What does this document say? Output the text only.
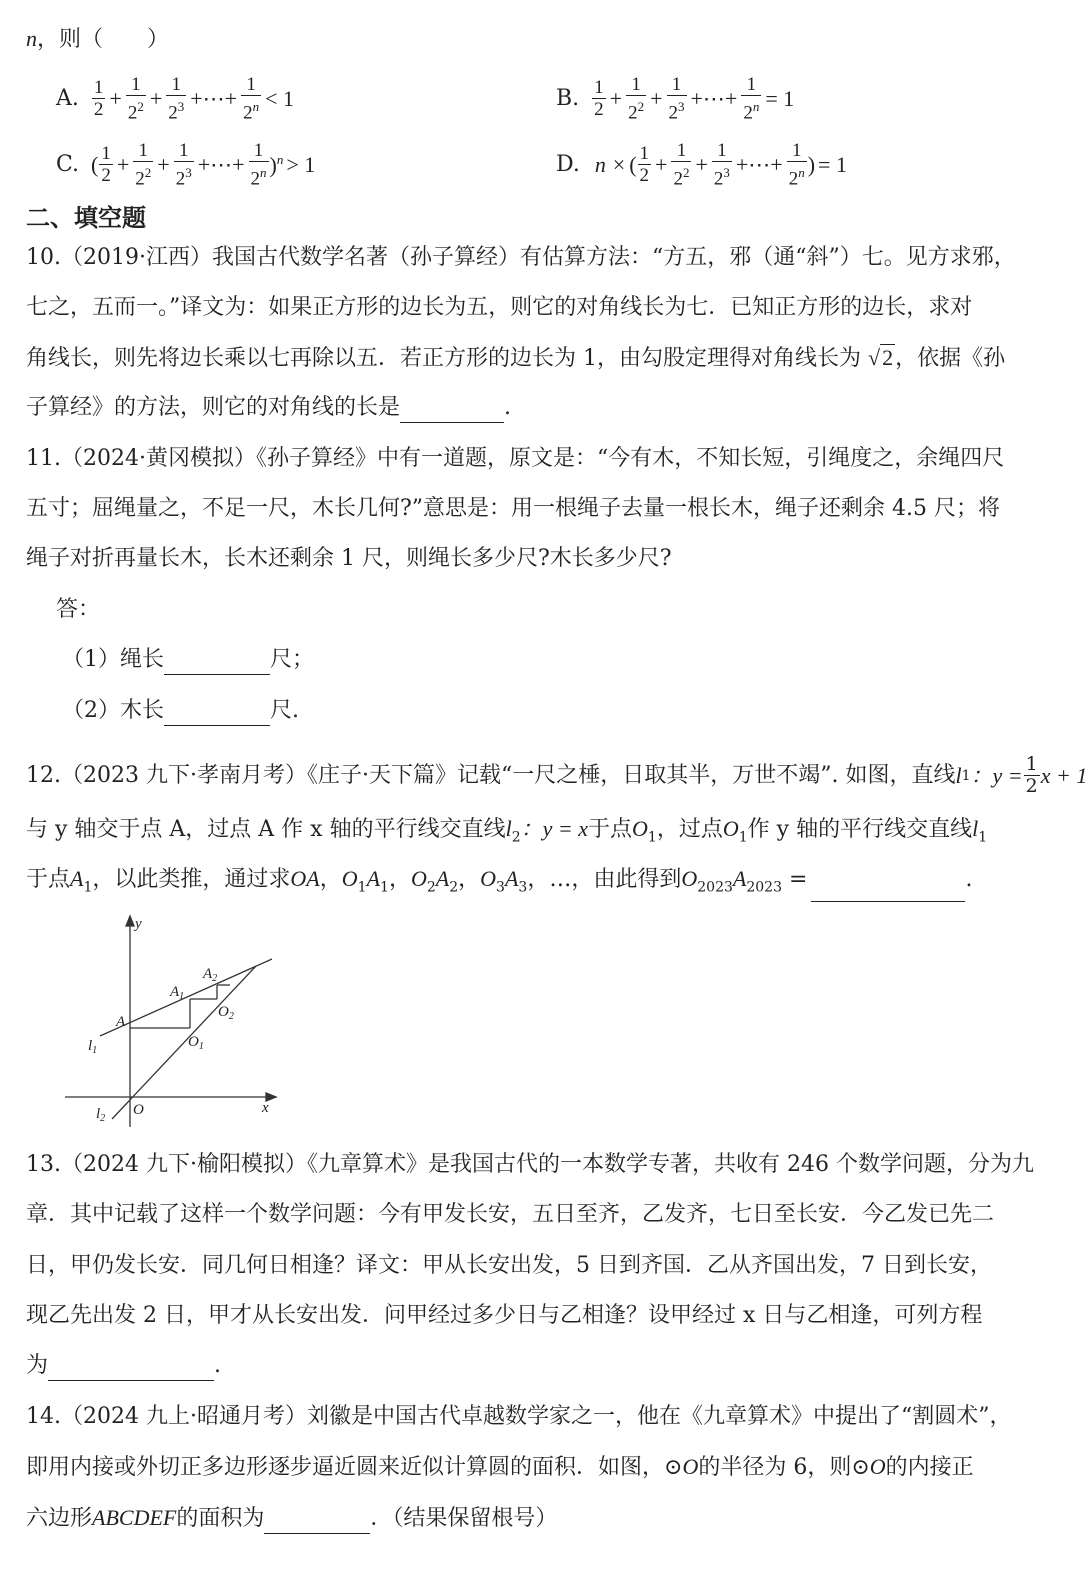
n，则（　　）
A. $\frac{1}{2} + \frac{1}{2^2} + \frac{1}{2^3}$ +⋯+ $\frac{1}{2^n} < 1$	B. $\frac{1}{2} + \frac{1}{2^2} + \frac{1}{2^3}$ +⋯+ $\frac{1}{2^n} = 1$
C. ( $\frac{1}{2} + \frac{1}{2^2} + \frac{1}{2^3}$ +⋯+ $\frac{1}{2^n} )^n > 1$	D. n × ( $\frac{1}{2} + \frac{1}{2^2} + \frac{1}{2^3}$ +⋯+ $\frac{1}{2^n}$ ) = 1
二、填空题
10.（2019·江西）我国古代数学名著（孙子算经）有估算方法：“方五，邪（通“斜”）七。见方求邪，
七之，五而一。”译文为：如果正方形的边长为五，则它的对角线长为七．已知正方形的边长，求对
角线长，则先将边长乘以七再除以五．若正方形的边长为 1，由勾股定理得对角线长为 √2，依据《孙
子算经》的方法，则它的对角线的长是	.
11.（2024·黄冈模拟）《孙子算经》中有一道题，原文是：“今有木，不知长短，引绳度之，余绳四尺
五寸；屈绳量之，不足一尺，木长几何?”意思是：用一根绳子去量一根长木，绳子还剩余 4.5 尺；将
绳子对折再量长木，长木还剩余 1 尺，则绳长多少尺?木长多少尺?
答：
（1）绳长	尺；
（2）木长	尺.
12.（2023 九下·孝南月考）《庄子·天下篇》记载“一尺之棰，日取其半，万世不竭”. 如图，直线 l 1 ：$y = \frac{1}{2}$ x + 1
与 y 轴交于点 A，过点 A 作 x 轴的平行线交直线$l_2$：y = x于点$O_1$，过点$O_1$作 y 轴的平行线交直线$l_1$
于点$A_1$，以此类推，通过求OA，$O_1A_1$，$O_2A_2$，$O_3A_3$，…，由此得到$O_{2023}A_{2023}$ =	.
y
x
O
A
$A_1$
$A_2$
$O_1$
$O_2$
$l_1$
$l_2$
13.（2024 九下·榆阳模拟）《九章算术》是我国古代的一本数学专著，共收有 246 个数学问题，分为九
章．其中记载了这样一个数学问题：今有甲发长安，五日至齐，乙发齐，七日至长安．今乙发已先二
日，甲仍发长安．同几何日相逢？译文：甲从长安出发，5 日到齐国．乙从齐国出发，7 日到长安，
现乙先出发 2 日，甲才从长安出发．问甲经过多少日与乙相逢？设甲经过 x 日与乙相逢，可列方程
为	.
14.（2024 九上·昭通月考）刘徽是中国古代卓越数学家之一，他在《九章算术》中提出了“割圆术”，
即用内接或外切正多边形逐步逼近圆来近似计算圆的面积．如图，⊙O的半径为 6，则⊙O的内接正
六边形ABCDEF的面积为	．（结果保留根号）
